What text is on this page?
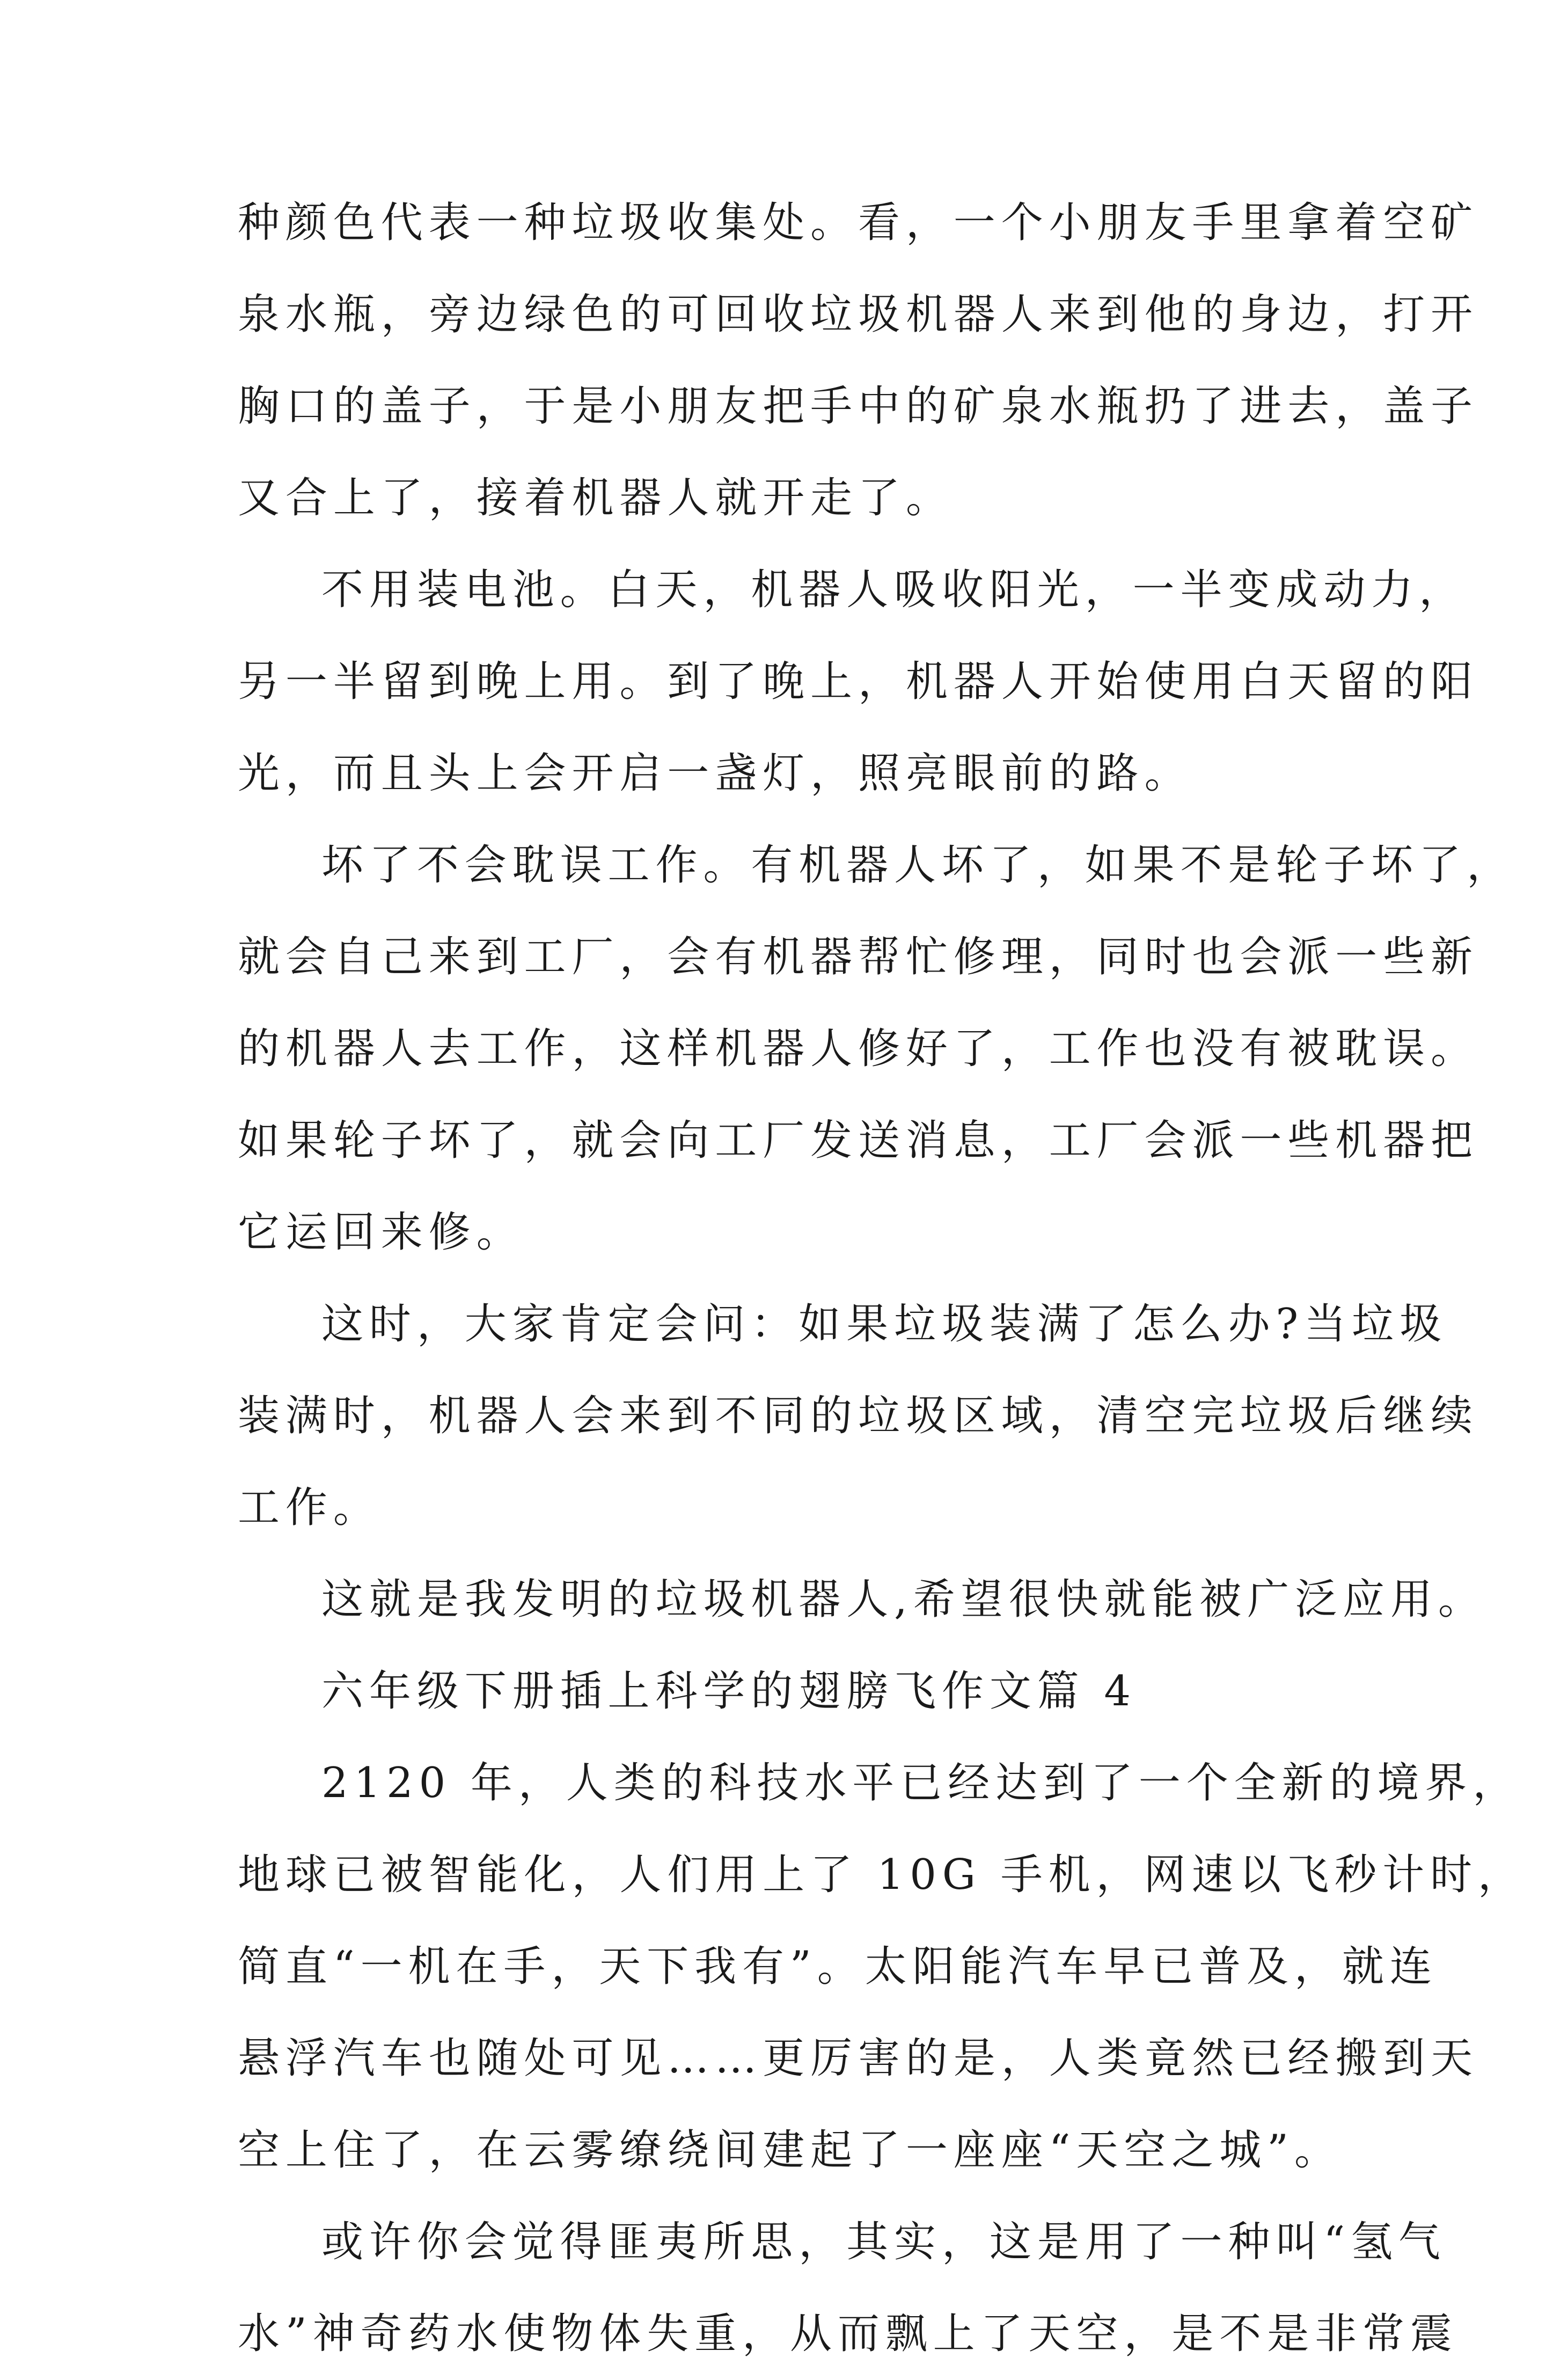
种颜色代表一种垃圾收集处。看，一个小朋友手里拿着空矿
泉水瓶，旁边绿色的可回收垃圾机器人来到他的身边，打开
胸口的盖子，于是小朋友把手中的矿泉水瓶扔了进去，盖子
又合上了，接着机器人就开走了。
不用装电池。白天，机器人吸收阳光，一半变成动力，
另一半留到晚上用。到了晚上，机器人开始使用白天留的阳
光，而且头上会开启一盏灯，照亮眼前的路。
坏了不会耽误工作。有机器人坏了，如果不是轮子坏了，
就会自己来到工厂，会有机器帮忙修理，同时也会派一些新
的机器人去工作，这样机器人修好了，工作也没有被耽误。
如果轮子坏了，就会向工厂发送消息，工厂会派一些机器把
它运回来修。
这时，大家肯定会问：如果垃圾装满了怎么办?当垃圾
装满时，机器人会来到不同的垃圾区域，清空完垃圾后继续
工作。
这就是我发明的垃圾机器人,希望很快就能被广泛应用。
六年级下册插上科学的翅膀飞作文篇 4
2120 年，人类的科技水平已经达到了一个全新的境界，
地球已被智能化，人们用上了 10G 手机，网速以飞秒计时，
简直“一机在手，天下我有”。太阳能汽车早已普及，就连
悬浮汽车也随处可见……更厉害的是，人类竟然已经搬到天
空上住了，在云雾缭绕间建起了一座座“天空之城”。
或许你会觉得匪夷所思，其实，这是用了一种叫“氢气
水”神奇药水使物体失重，从而飘上了天空，是不是非常震
